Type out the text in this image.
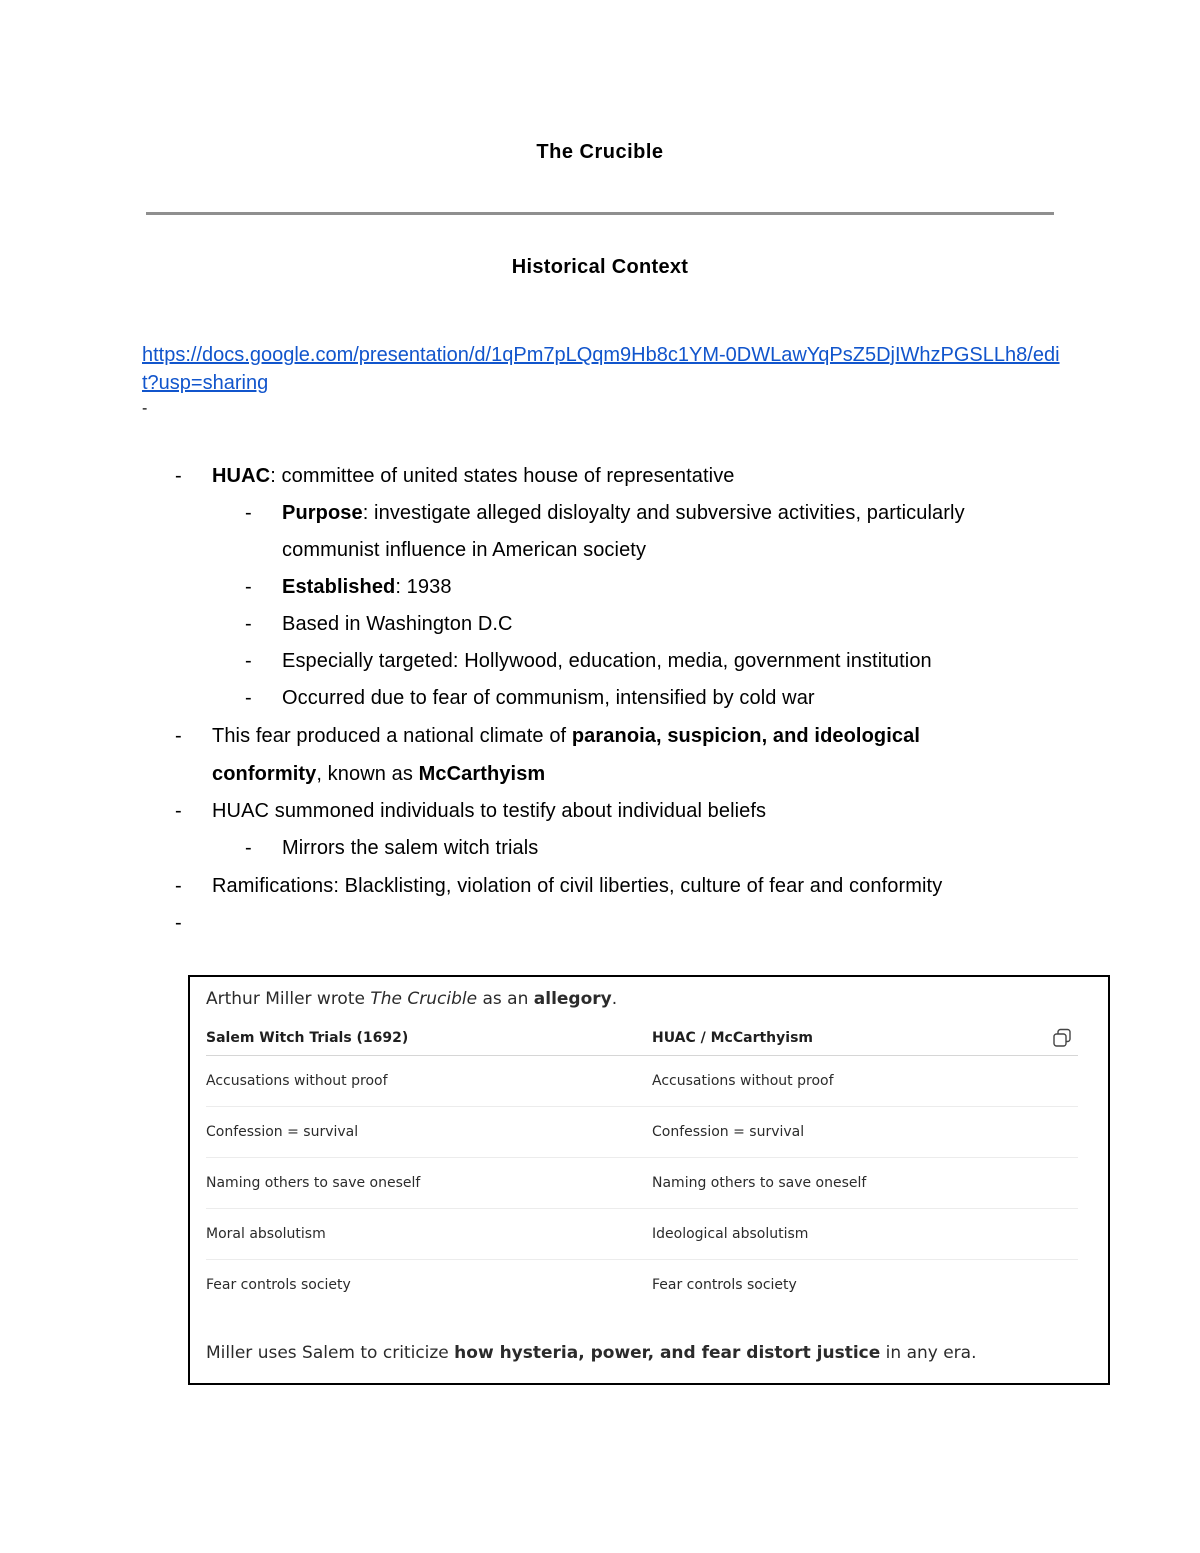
The Crucible
Historical Context
https://docs.google.com/presentation/d/1qPm7pLQqm9Hb8c1YM-0DWLawYqPsZ5DjIWhzPGSLLh8/edit?usp=sharing
-
- HUAC: committee of united states house of representative
- Purpose: investigate alleged disloyalty and subversive activities, particularly
communist influence in American society
- Established: 1938
- Based in Washington D.C
- Especially targeted: Hollywood, education, media, government institution
- Occurred due to fear of communism, intensified by cold war
- This fear produced a national climate of paranoia, suspicion, and ideological
conformity, known as McCarthyism
- HUAC summoned individuals to testify about individual beliefs
- Mirrors the salem witch trials
- Ramifications: Blacklisting, violation of civil liberties, culture of fear and conformity
-
Arthur Miller wrote The Crucible as an allegory.
Salem Witch Trials (1692)	HUAC / McCarthyism
Accusations without proof	Accusations without proof
Confession = survival	Confession = survival
Naming others to save oneself	Naming others to save oneself
Moral absolutism	Ideological absolutism
Fear controls society	Fear controls society
Miller uses Salem to criticize how hysteria, power, and fear distort justice in any era.
